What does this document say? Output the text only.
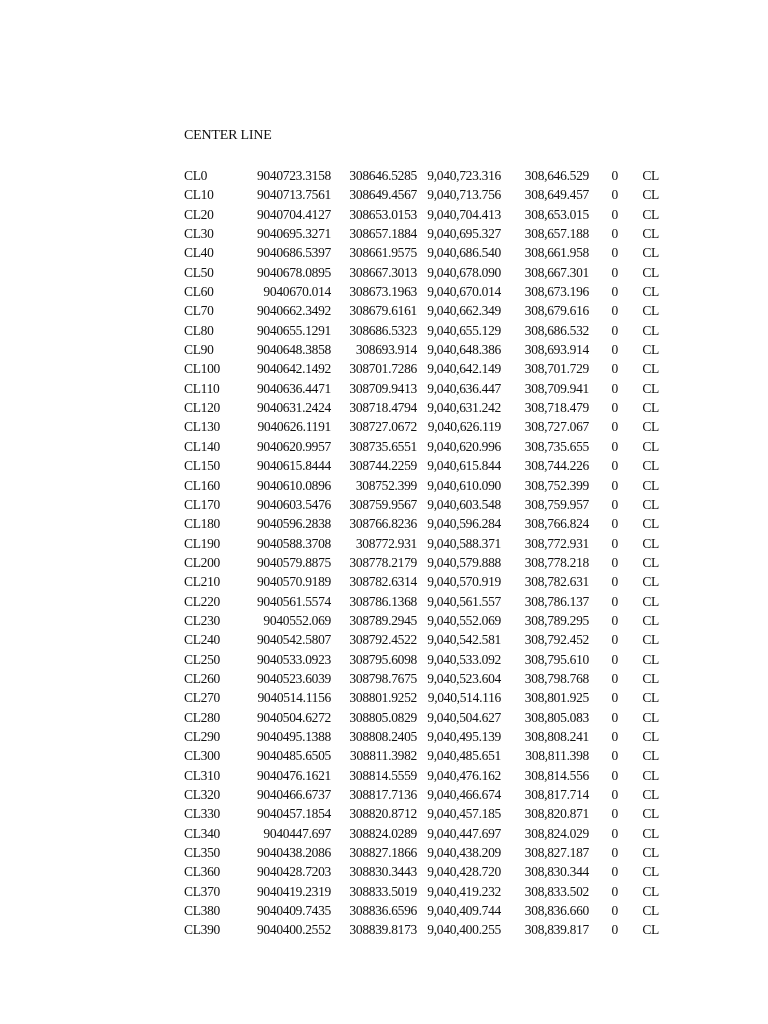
CENTER LINE
CL0	9040723.3158	308646.5285	9,040,723.316	308,646.529	0	CL
CL10	9040713.7561	308649.4567	9,040,713.756	308,649.457	0	CL
CL20	9040704.4127	308653.0153	9,040,704.413	308,653.015	0	CL
CL30	9040695.3271	308657.1884	9,040,695.327	308,657.188	0	CL
CL40	9040686.5397	308661.9575	9,040,686.540	308,661.958	0	CL
CL50	9040678.0895	308667.3013	9,040,678.090	308,667.301	0	CL
CL60	9040670.014	308673.1963	9,040,670.014	308,673.196	0	CL
CL70	9040662.3492	308679.6161	9,040,662.349	308,679.616	0	CL
CL80	9040655.1291	308686.5323	9,040,655.129	308,686.532	0	CL
CL90	9040648.3858	308693.914	9,040,648.386	308,693.914	0	CL
CL100	9040642.1492	308701.7286	9,040,642.149	308,701.729	0	CL
CL110	9040636.4471	308709.9413	9,040,636.447	308,709.941	0	CL
CL120	9040631.2424	308718.4794	9,040,631.242	308,718.479	0	CL
CL130	9040626.1191	308727.0672	9,040,626.119	308,727.067	0	CL
CL140	9040620.9957	308735.6551	9,040,620.996	308,735.655	0	CL
CL150	9040615.8444	308744.2259	9,040,615.844	308,744.226	0	CL
CL160	9040610.0896	308752.399	9,040,610.090	308,752.399	0	CL
CL170	9040603.5476	308759.9567	9,040,603.548	308,759.957	0	CL
CL180	9040596.2838	308766.8236	9,040,596.284	308,766.824	0	CL
CL190	9040588.3708	308772.931	9,040,588.371	308,772.931	0	CL
CL200	9040579.8875	308778.2179	9,040,579.888	308,778.218	0	CL
CL210	9040570.9189	308782.6314	9,040,570.919	308,782.631	0	CL
CL220	9040561.5574	308786.1368	9,040,561.557	308,786.137	0	CL
CL230	9040552.069	308789.2945	9,040,552.069	308,789.295	0	CL
CL240	9040542.5807	308792.4522	9,040,542.581	308,792.452	0	CL
CL250	9040533.0923	308795.6098	9,040,533.092	308,795.610	0	CL
CL260	9040523.6039	308798.7675	9,040,523.604	308,798.768	0	CL
CL270	9040514.1156	308801.9252	9,040,514.116	308,801.925	0	CL
CL280	9040504.6272	308805.0829	9,040,504.627	308,805.083	0	CL
CL290	9040495.1388	308808.2405	9,040,495.139	308,808.241	0	CL
CL300	9040485.6505	308811.3982	9,040,485.651	308,811.398	0	CL
CL310	9040476.1621	308814.5559	9,040,476.162	308,814.556	0	CL
CL320	9040466.6737	308817.7136	9,040,466.674	308,817.714	0	CL
CL330	9040457.1854	308820.8712	9,040,457.185	308,820.871	0	CL
CL340	9040447.697	308824.0289	9,040,447.697	308,824.029	0	CL
CL350	9040438.2086	308827.1866	9,040,438.209	308,827.187	0	CL
CL360	9040428.7203	308830.3443	9,040,428.720	308,830.344	0	CL
CL370	9040419.2319	308833.5019	9,040,419.232	308,833.502	0	CL
CL380	9040409.7435	308836.6596	9,040,409.744	308,836.660	0	CL
CL390	9040400.2552	308839.8173	9,040,400.255	308,839.817	0	CL
